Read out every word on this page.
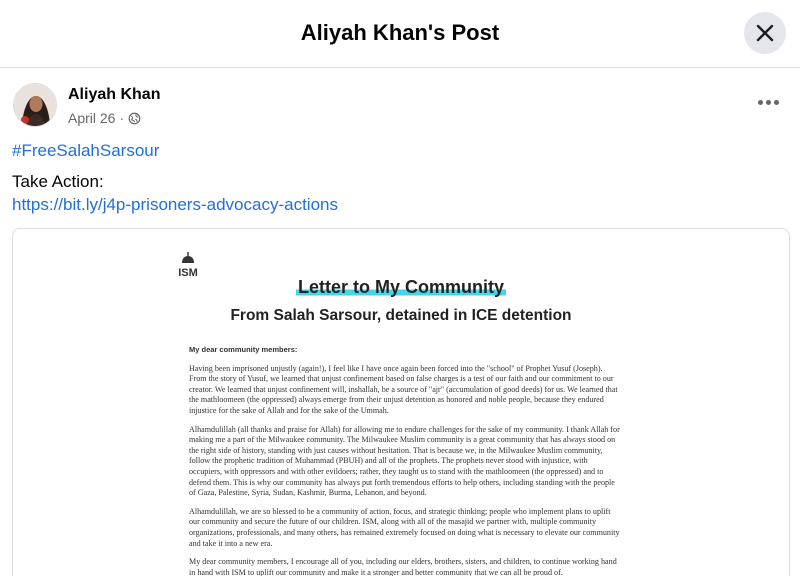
Aliyah Khan's Post
Aliyah Khan
April 26 ·
#FreeSalahSarsour
Take Action:
https://bit.ly/j4p-prisoners-advocacy-actions
ISM
Letter to My Community
From Salah Sarsour, detained in ICE detention
My dear community members:

Having been imprisoned unjustly (again!), I feel like I have once again been forced into the "school" of Prophet Yusuf (Joseph). From the story of Yusuf, we learned that unjust confinement based on false charges is a test of our faith and our commitment to our creator. We learned that unjust confinement will, inshallah, be a source of "ajr" (accumulation of good deeds) for us. We learned that the mathloomeen (the oppressed) always emerge from their unjust detention as honored and noble people, because they endured injustice for the sake of Allah and for the sake of the Ummah.

Alhamdulillah (all thanks and praise for Allah) for allowing me to endure challenges for the sake of my community. I thank Allah for making me a part of the Milwaukee community. The Milwaukee Muslim community is a great community that has always stood on the right side of history, standing with just causes without hesitation. That is because we, in the Milwaukee Muslim community, follow the prophetic tradition of Muhammad (PBUH) and all of the prophets. The prophets never stood with injustice, with occupiers, with oppressors and with other evildoers; rather, they taught us to stand with the mathloomeen (the oppressed) and to defend them. This is why our community has always put forth tremendous efforts to help others, including standing with the people of Gaza, Palestine, Syria, Sudan, Kashmir, Burma, Lebanon, and beyond.

Alhamdulillah, we are so blessed to be a community of action, focus, and strategic thinking; people who implement plans to uplift our community and secure the future of our children. ISM, along with all of the masajid we partner with, multiple community organizations, professionals, and many others, has remained extremely focused on doing what is necessary to elevate our community and take it into a new era.

My dear community members, I encourage all of you, including our elders, brothers, sisters, and children, to continue working hand in hand with ISM to uplift our community and make it a stronger and better community that we can all be proud of.
